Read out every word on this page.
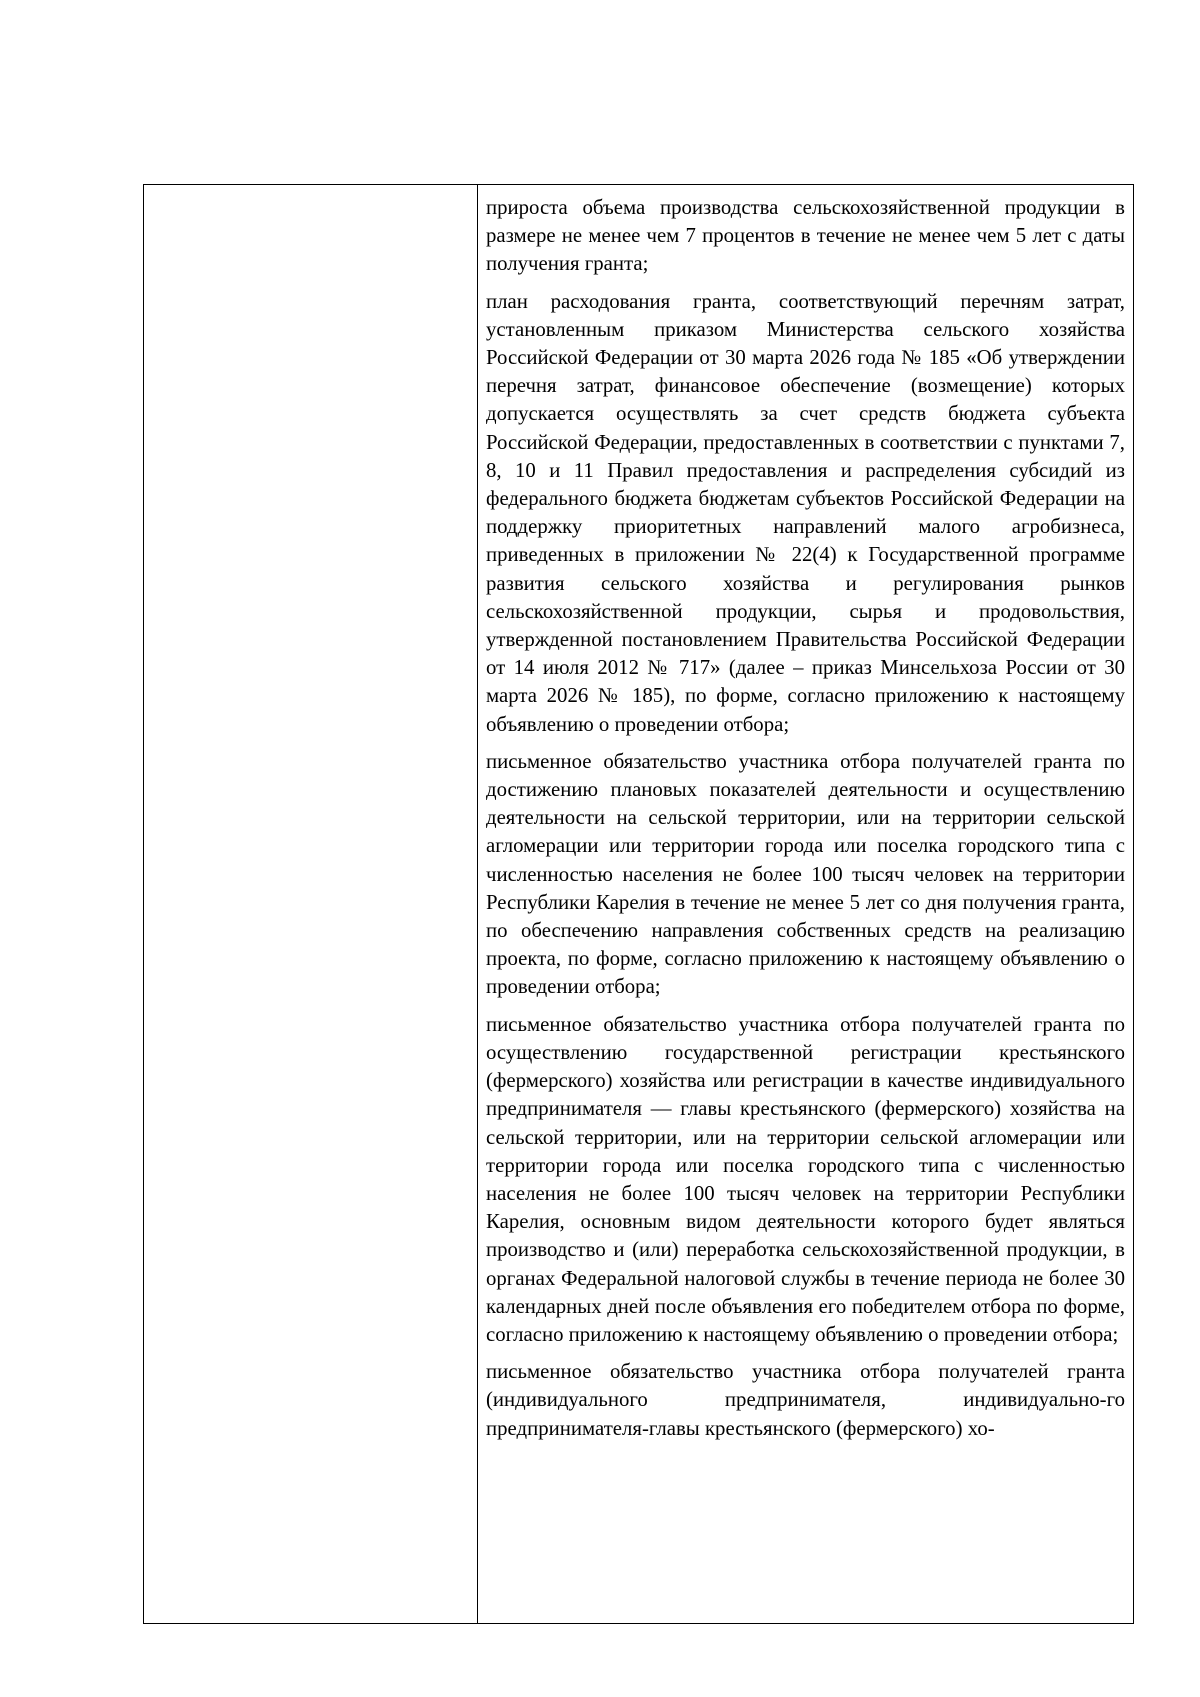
прироста объема производства сельскохозяйственной продукции в размере не менее чем 7 процентов в течение не менее чем 5 лет с даты получения гранта;

план расходования гранта, соответствующий перечням затрат, установленным приказом Министерства сельского хозяйства Российской Федерации от 30 марта 2026 года № 185 «Об утверждении перечня затрат, финансовое обеспечение (возмещение) которых допускается осуществлять за счет средств бюджета субъекта Российской Федерации, предоставленных в соответствии с пунктами 7, 8, 10 и 11 Правил предоставления и распределения субсидий из федерального бюджета бюджетам субъектов Российской Федерации на поддержку приоритетных направлений малого агробизнеса, приведенных в приложении № 22(4) к Государственной программе развития сельского хозяйства и регулирования рынков сельскохозяйственной продукции, сырья и продовольствия, утвержденной постановлением Правительства Российской Федерации от 14 июля 2012 № 717» (далее – приказ Минсельхоза России от 30 марта 2026 № 185), по форме, согласно приложению к настоящему объявлению о проведении отбора;

письменное обязательство участника отбора получателей гранта по достижению плановых показателей деятельности и осуществлению деятельности на сельской территории, или на территории сельской агломерации или территории города или поселка городского типа с численностью населения не более 100 тысяч человек на территории Республики Карелия в течение не менее 5 лет со дня получения гранта, по обеспечению направления собственных средств на реализацию проекта, по форме, согласно приложению к настоящему объявлению о проведении отбора;

письменное обязательство участника отбора получателей гранта по осуществлению государственной регистрации крестьянского (фермерского) хозяйства или регистрации в качестве индивидуального предпринимателя — главы крестьянского (фермерского) хозяйства на сельской территории, или на территории сельской агломерации или территории города или поселка городского типа с численностью населения не более 100 тысяч человек на территории Республики Карелия, основным видом деятельности которого будет являться производство и (или) переработка сельскохозяйственной продукции, в органах Федеральной налоговой службы в течение периода не более 30 календарных дней после объявления его победителем отбора по форме, согласно приложению к настоящему объявлению о проведении отбора;

письменное обязательство участника отбора получателей гранта (индивидуального предпринимателя, индивидуально-го предпринимателя-главы крестьянского (фермерского) хо-
